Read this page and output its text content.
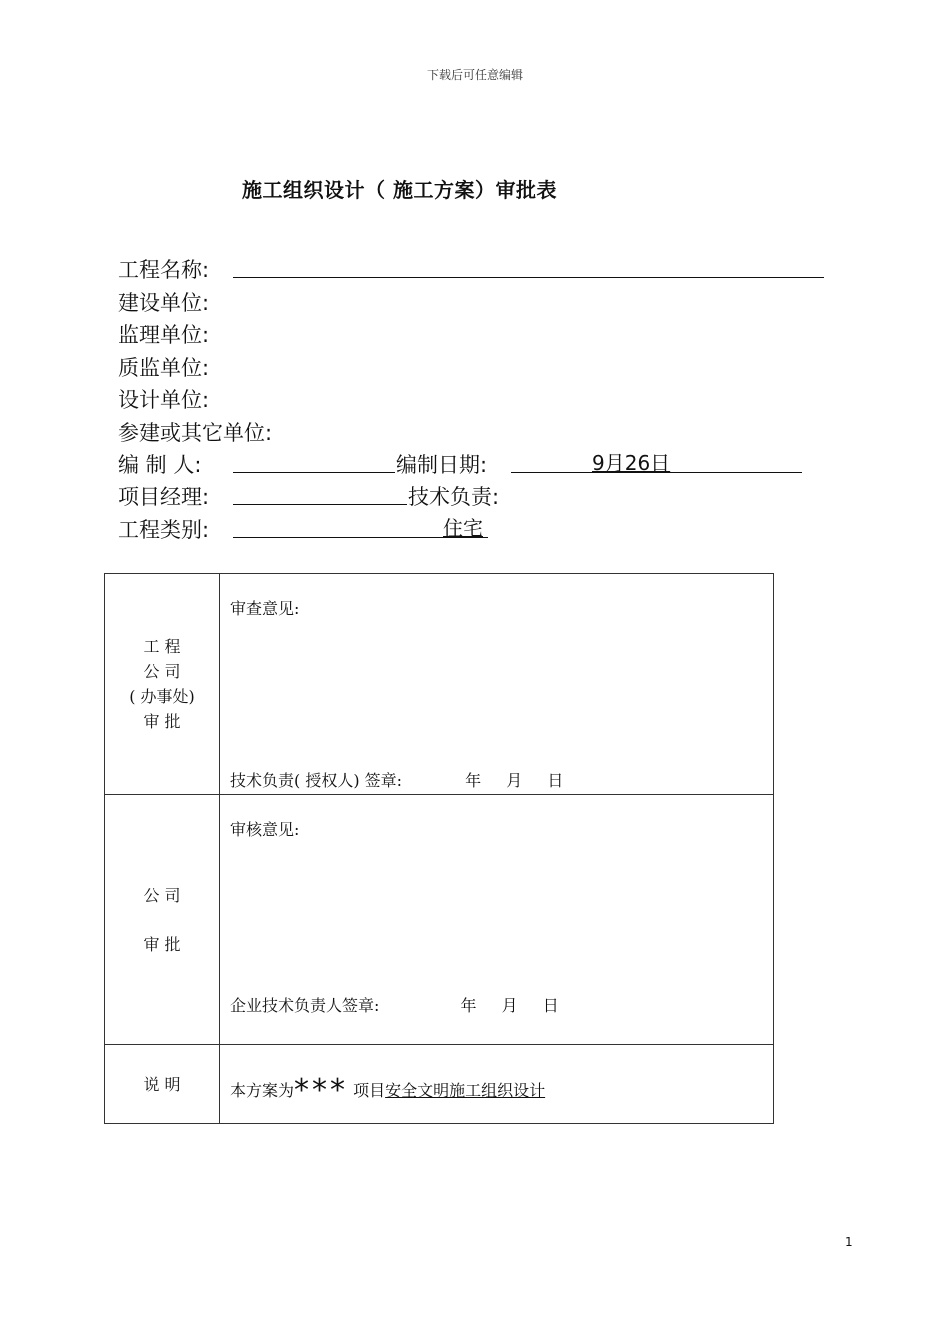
下载后可任意编辑
施工组织设计（ 施工方案）审批表
工程名称:
建设单位:
监理单位:
质监单位:
设计单位:
参建或其它单位:
编 制 人:	编制日期:	9月26日
项目经理:	技术负责:
工程类别:	住宅
工 程
公 司
( 办事处)
审 批	审查意见:
技术负责( 授权人) 签章: 年 月 日

公 司
审 批	审核意见:
企业技术负责人签章: 年 月 日

说 明	本方案为*** 项目安全文明施工组织设计
1
